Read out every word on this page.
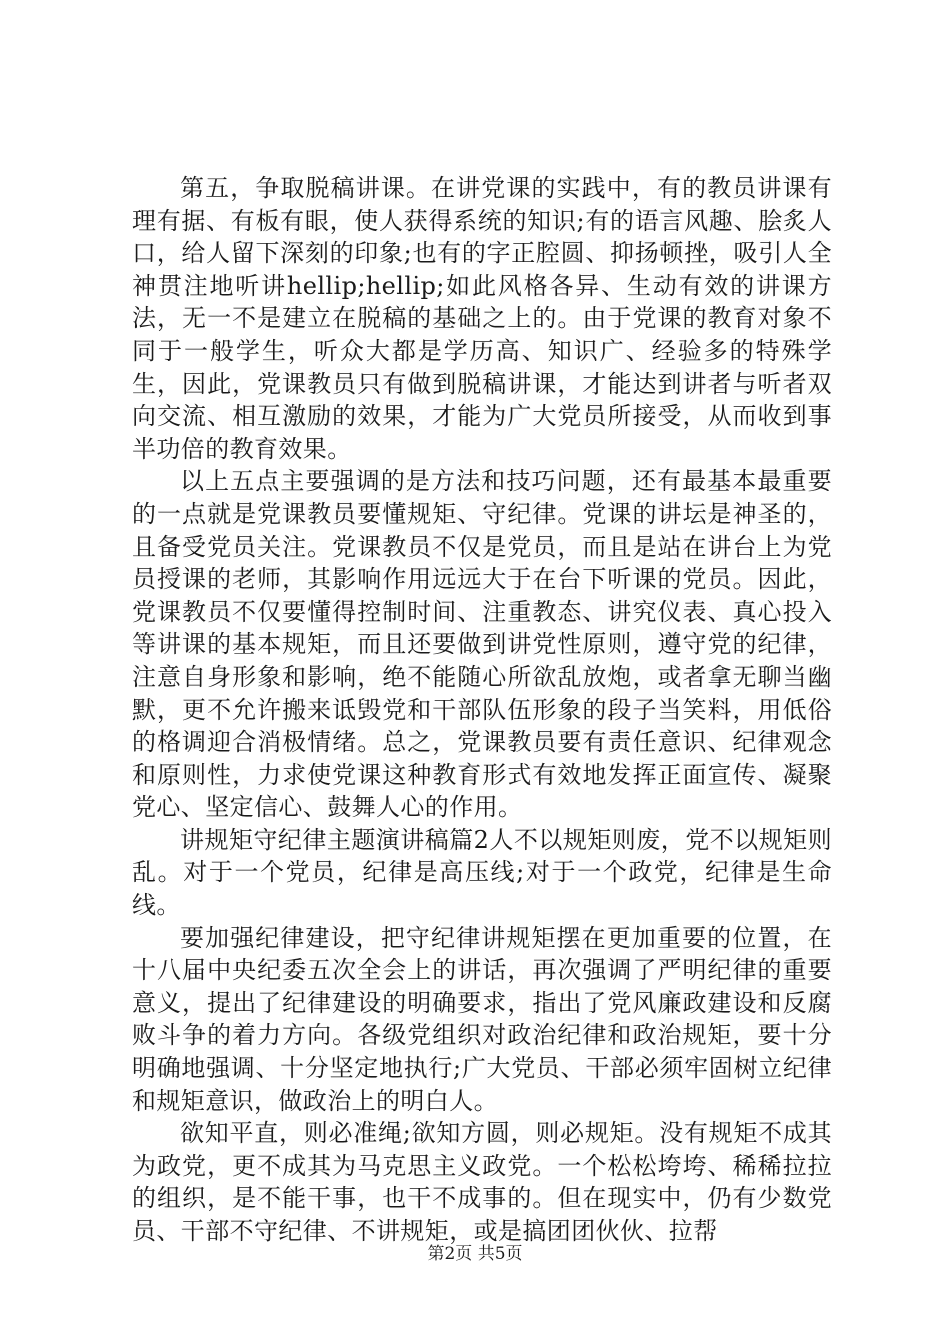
第五，争取脱稿讲课。在讲党课的实践中，有的教员讲课有理有据、有板有眼，使人获得系统的知识;有的语言风趣、脍炙人口，给人留下深刻的印象;也有的字正腔圆、抑扬顿挫，吸引人全神贯注地听讲hellip;hellip;如此风格各异、生动有效的讲课方法，无一不是建立在脱稿的基础之上的。由于党课的教育对象不同于一般学生，听众大都是学历高、知识广、经验多的特殊学生，因此，党课教员只有做到脱稿讲课，才能达到讲者与听者双向交流、相互激励的效果，才能为广大党员所接受，从而收到事半功倍的教育效果。

以上五点主要强调的是方法和技巧问题，还有最基本最重要的一点就是党课教员要懂规矩、守纪律。党课的讲坛是神圣的，且备受党员关注。党课教员不仅是党员，而且是站在讲台上为党员授课的老师，其影响作用远远大于在台下听课的党员。因此，党课教员不仅要懂得控制时间、注重教态、讲究仪表、真心投入等讲课的基本规矩，而且还要做到讲党性原则，遵守党的纪律，注意自身形象和影响，绝不能随心所欲乱放炮，或者拿无聊当幽默，更不允许搬来诋毁党和干部队伍形象的段子当笑料，用低俗的格调迎合消极情绪。总之，党课教员要有责任意识、纪律观念和原则性，力求使党课这种教育形式有效地发挥正面宣传、凝聚党心、坚定信心、鼓舞人心的作用。

讲规矩守纪律主题演讲稿篇2人不以规矩则废，党不以规矩则乱。对于一个党员，纪律是高压线;对于一个政党，纪律是生命线。

要加强纪律建设，把守纪律讲规矩摆在更加重要的位置，在十八届中央纪委五次全会上的讲话，再次强调了严明纪律的重要意义，提出了纪律建设的明确要求，指出了党风廉政建设和反腐败斗争的着力方向。各级党组织对政治纪律和政治规矩，要十分明确地强调、十分坚定地执行;广大党员、干部必须牢固树立纪律和规矩意识，做政治上的明白人。

欲知平直，则必准绳;欲知方圆，则必规矩。没有规矩不成其为政党，更不成其为马克思主义政党。一个松松垮垮、稀稀拉拉的组织，是不能干事，也干不成事的。但在现实中，仍有少数党员、干部不守纪律、不讲规矩，或是搞团团伙伙、拉帮

第2页 共5页
